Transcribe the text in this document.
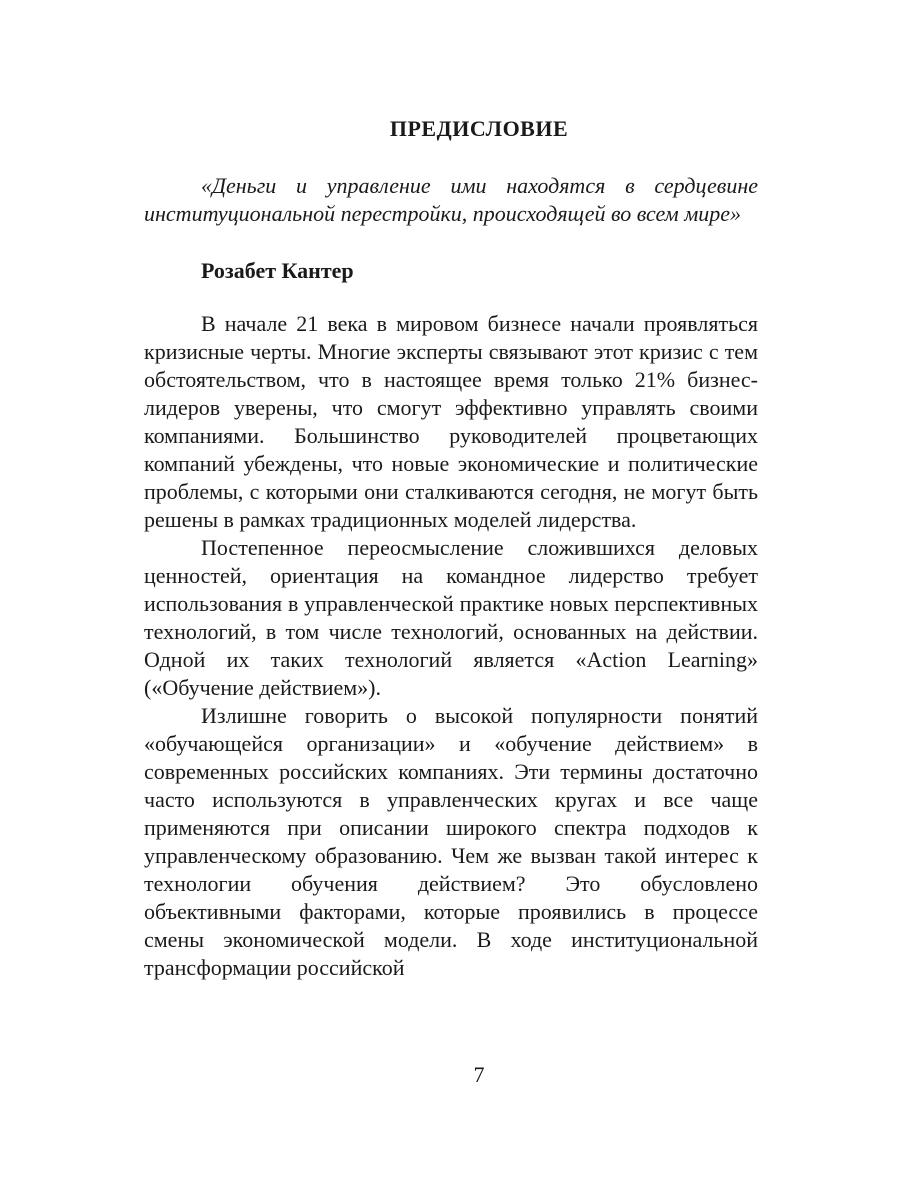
ПРЕДИСЛОВИЕ
«Деньги и управление ими находятся в сердцевине институциональной перестройки, происходящей во всем мире»
Розабет Кантер

В начале 21 века в мировом бизнесе начали проявляться кризисные черты. Многие эксперты связывают этот кризис с тем обстоятельством, что в настоящее время только 21% бизнес-лидеров уверены, что смогут эффективно управлять своими компаниями. Большинство руководителей процветающих компаний убеждены, что новые экономические и политические проблемы, с которыми они сталкиваются сегодня, не могут быть решены в рамках традиционных моделей лидерства.

Постепенное переосмысление сложившихся деловых ценностей, ориентация на командное лидерство требует использования в управленческой практике новых перспективных технологий, в том числе технологий, основанных на действии. Одной их таких технологий является «Action Learning» («Обучение действием»).

Излишне говорить о высокой популярности понятий «обучающейся организации» и «обучение действием» в современных российских компаниях. Эти термины достаточно часто используются в управленческих кругах и все чаще применяются при описании широкого спектра подходов к управленческому образованию. Чем же вызван такой интерес к технологии обучения действием? Это обусловлено объективными факторами, которые проявились в процессе смены экономической модели. В ходе институциональной трансформации российской

7
